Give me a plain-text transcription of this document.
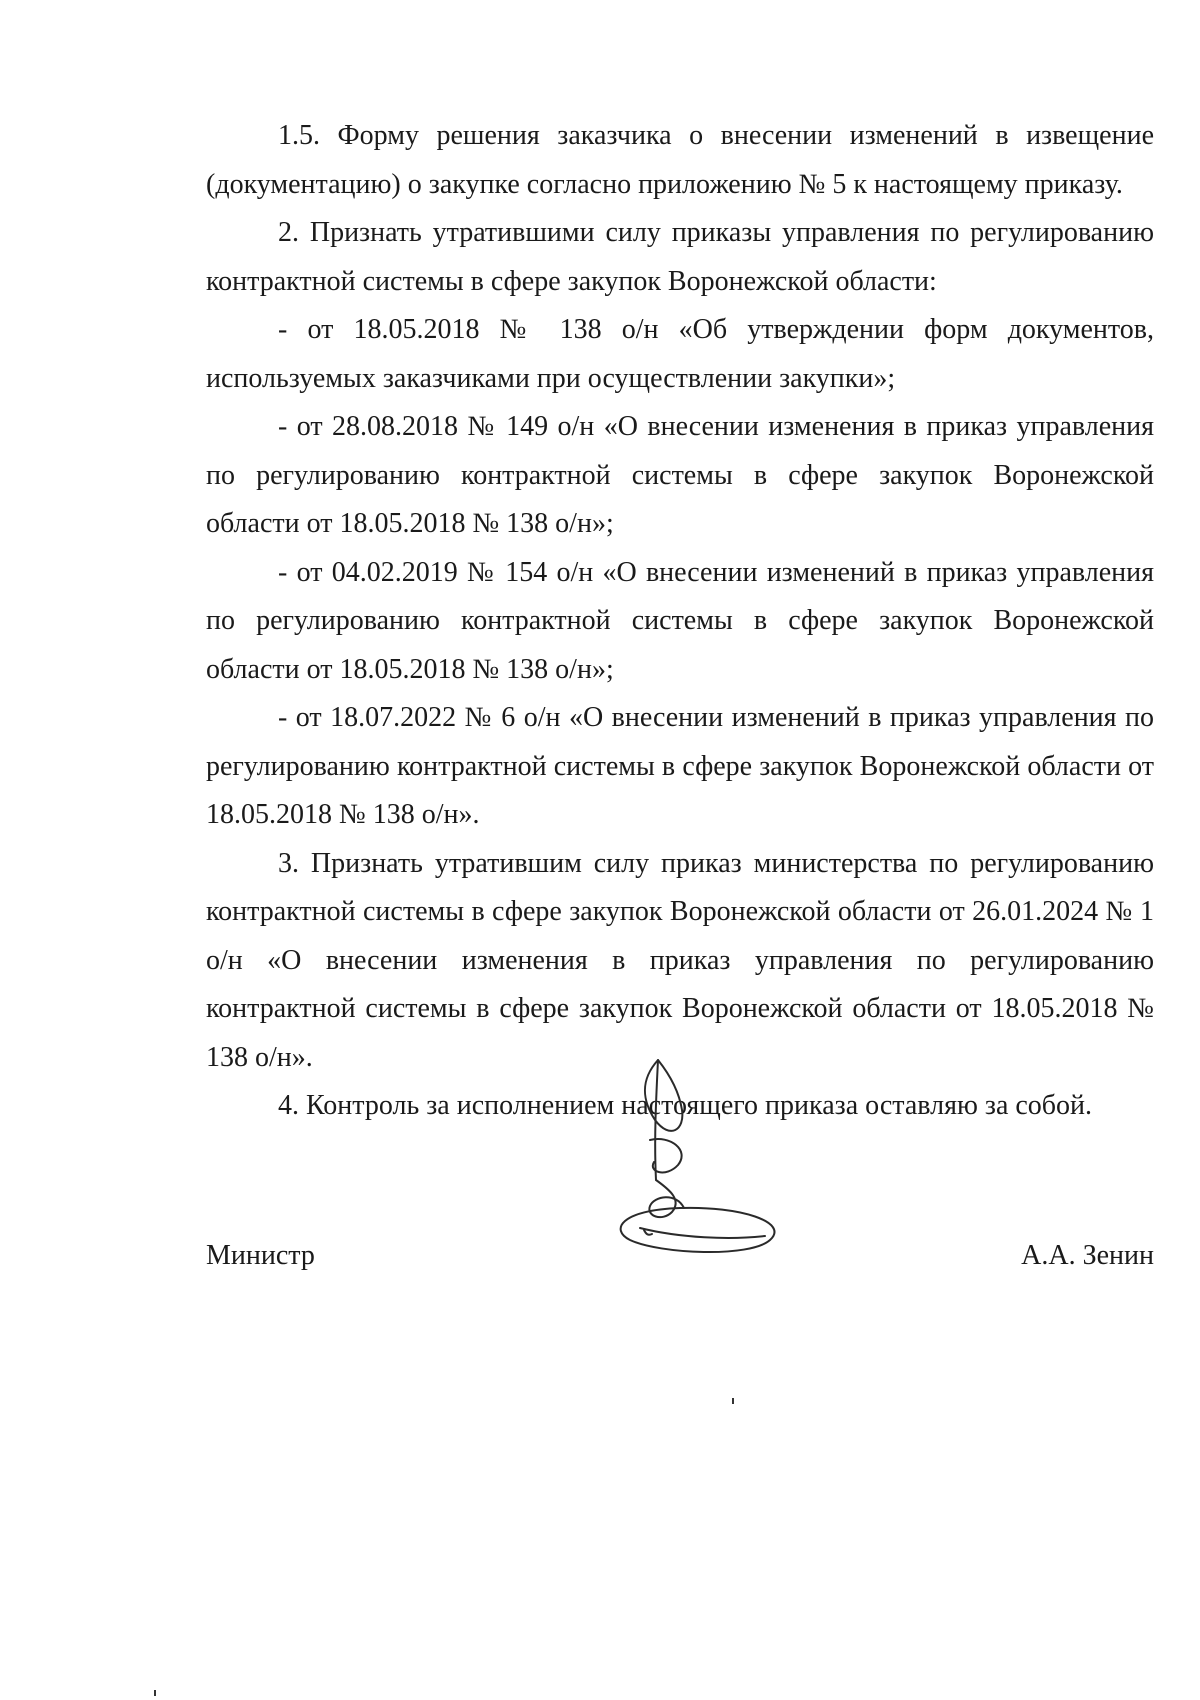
1.5. Форму решения заказчика о внесении изменений в извещение (документацию) о закупке согласно приложению № 5 к настоящему приказу.

2. Признать утратившими силу приказы управления по регулированию контрактной системы в сфере закупок Воронежской области:

- от 18.05.2018 № 138 о/н «Об утверждении форм документов, используемых заказчиками при осуществлении закупки»;

- от 28.08.2018 № 149 о/н «О внесении изменения в приказ управления по регулированию контрактной системы в сфере закупок Воронежской области от 18.05.2018 № 138 о/н»;

- от 04.02.2019 № 154 о/н «О внесении изменений в приказ управления по регулированию контрактной системы в сфере закупок Воронежской области от 18.05.2018 № 138 о/н»;

- от 18.07.2022 № 6 о/н «О внесении изменений в приказ управления по регулированию контрактной системы в сфере закупок Воронежской области от 18.05.2018 № 138 о/н».

3. Признать утратившим силу приказ министерства по регулированию контрактной системы в сфере закупок Воронежской области от 26.01.2024 № 1 о/н «О внесении изменения в приказ управления по регулированию контрактной системы в сфере закупок Воронежской области от 18.05.2018 № 138 о/н».

4. Контроль за исполнением настоящего приказа оставляю за собой.

Министр	А.А. Зенин
